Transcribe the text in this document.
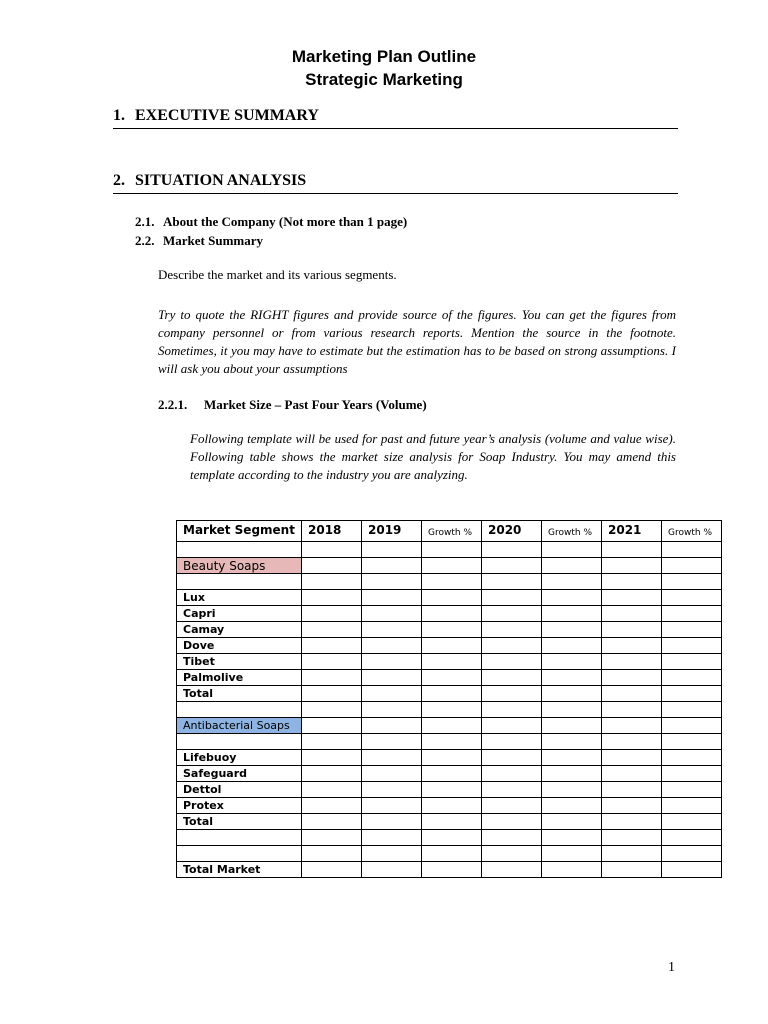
Marketing Plan Outline
Strategic Marketing
1. EXECUTIVE SUMMARY
2. SITUATION ANALYSIS
2.1. About the Company (Not more than 1 page)
2.2. Market Summary
Describe the market and its various segments.
Try to quote the RIGHT figures and provide source of the figures. You can get the figures from company personnel or from various research reports. Mention the source in the footnote. Sometimes, it you may have to estimate but the estimation has to be based on strong assumptions. I will ask you about your assumptions
2.2.1. Market Size – Past Four Years (Volume)
Following template will be used for past and future year’s analysis (volume and value wise). Following table shows the market size analysis for Soap Industry. You may amend this template according to the industry you are analyzing.
Market Segment	2018	2019	Growth %	2020	Growth %	2021	Growth %

Beauty Soaps							

Lux							
Capri							
Camay							
Dove							
Tibet							
Palmolive							
Total							

Antibacterial Soaps							

Lifebuoy							
Safeguard							
Dettol							
Protex							
Total							

Total Market							
1
